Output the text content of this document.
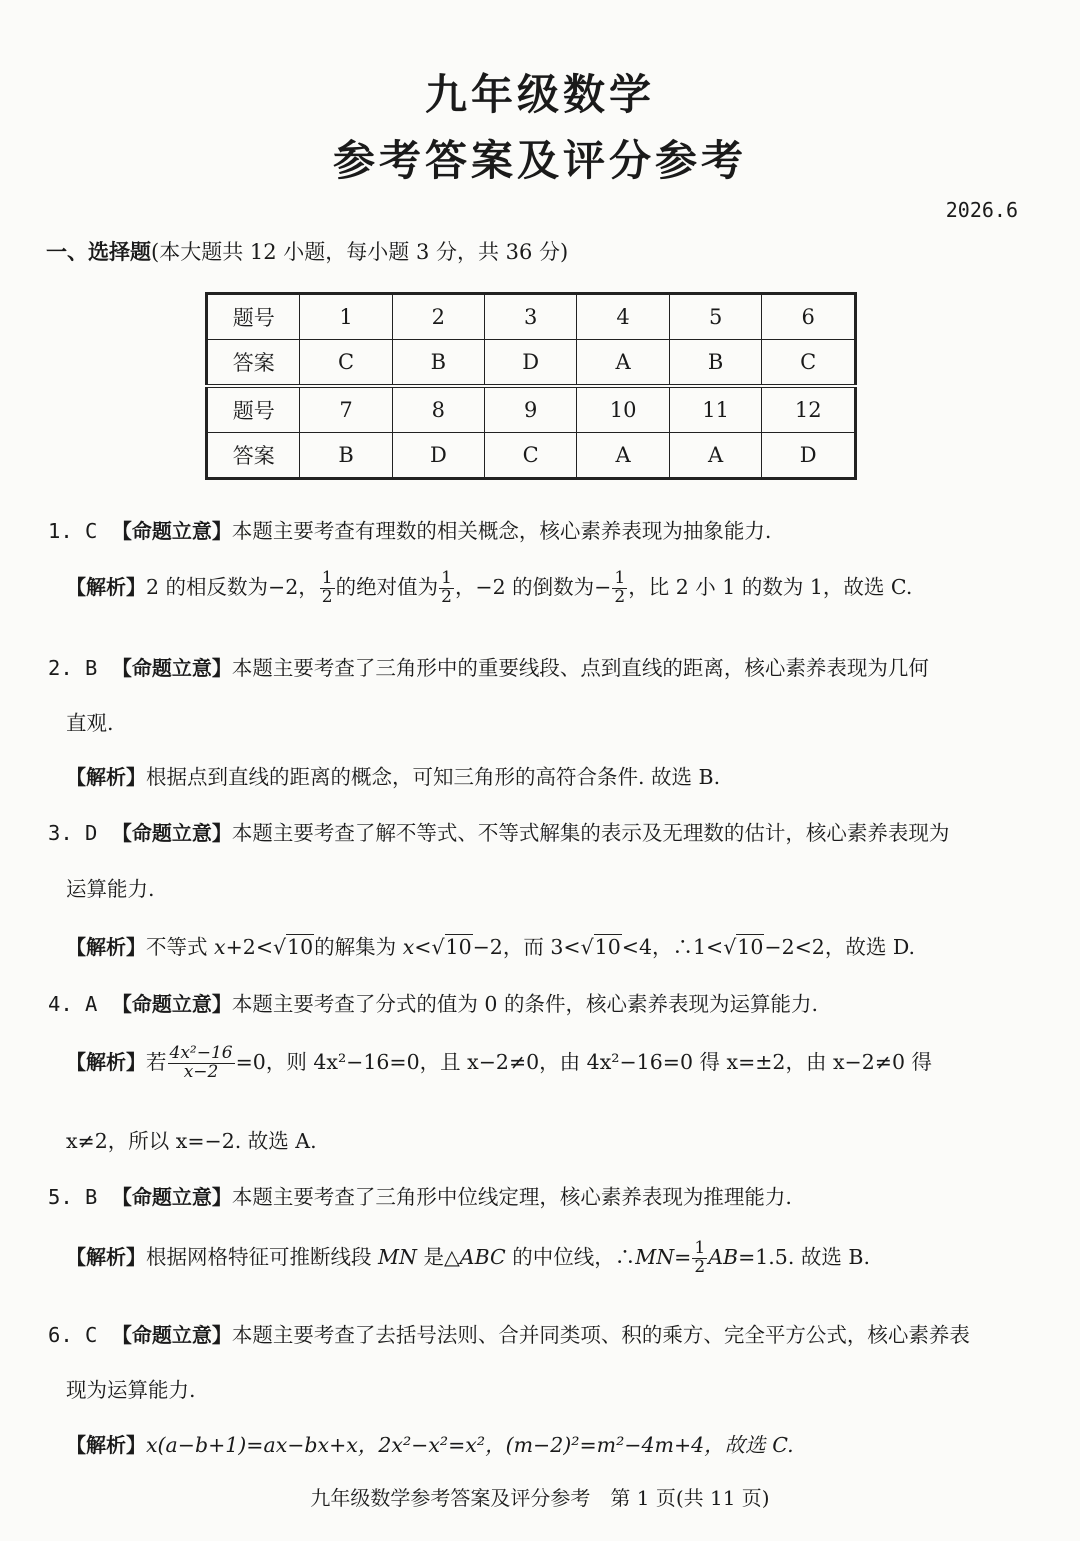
九年级数学
参考答案及评分参考
2026.6
一、选择题(本大题共 12 小题，每小题 3 分，共 36 分)
题号	1	2	3	4	5	6
答案	C	B	D	A	B	C
题号	7	8	9	10	11	12
答案	B	D	C	A	A	D
1. C 【命题立意】本题主要考查有理数的相关概念，核心素养表现为抽象能力.
【解析】2 的相反数为−2， $\frac{1}{2}$ 的绝对值为 $\frac{1}{2}$ ，−2 的倒数为− $\frac{1}{2}$ ，比 2 小 1 的数为 1，故选 C.
2. B 【命题立意】本题主要考查了三角形中的重要线段、点到直线的距离，核心素养表现为几何
直观.
【解析】根据点到直线的距离的概念，可知三角形的高符合条件. 故选 B.
3. D 【命题立意】本题主要考查了解不等式、不等式解集的表示及无理数的估计，核心素养表现为
运算能力.
【解析】不等式 x+2<√10的解集为 x<√10−2，而 3<√10<4，∴1<√10−2<2，故选 D.
4. A 【命题立意】本题主要考查了分式的值为 0 的条件，核心素养表现为运算能力.
【解析】若 $\frac{\text{4x²−16}}{x-2} =0$，则 4x²−16=0，且 x−2≠0，由 4x²−16=0 得 x=±2，由 x−2≠0 得
x≠2，所以 x=−2. 故选 A.
5. B 【命题立意】本题主要考查了三角形中位线定理，核心素养表现为推理能力.
【解析】根据网格特征可推断线段 MN 是△ABC 的中位线，∴MN= $\frac{1}{2} AB=1.5$. 故选 B.
6. C 【命题立意】本题主要考查了去括号法则、合并同类项、积的乘方、完全平方公式，核心素养表
现为运算能力.
【解析】x(a−b+1)=ax−bx+x，2x²−x²=x²，(m−2)²=m²−4m+4，故选 C.
九年级数学参考答案及评分参考　第 1 页(共 11 页)
